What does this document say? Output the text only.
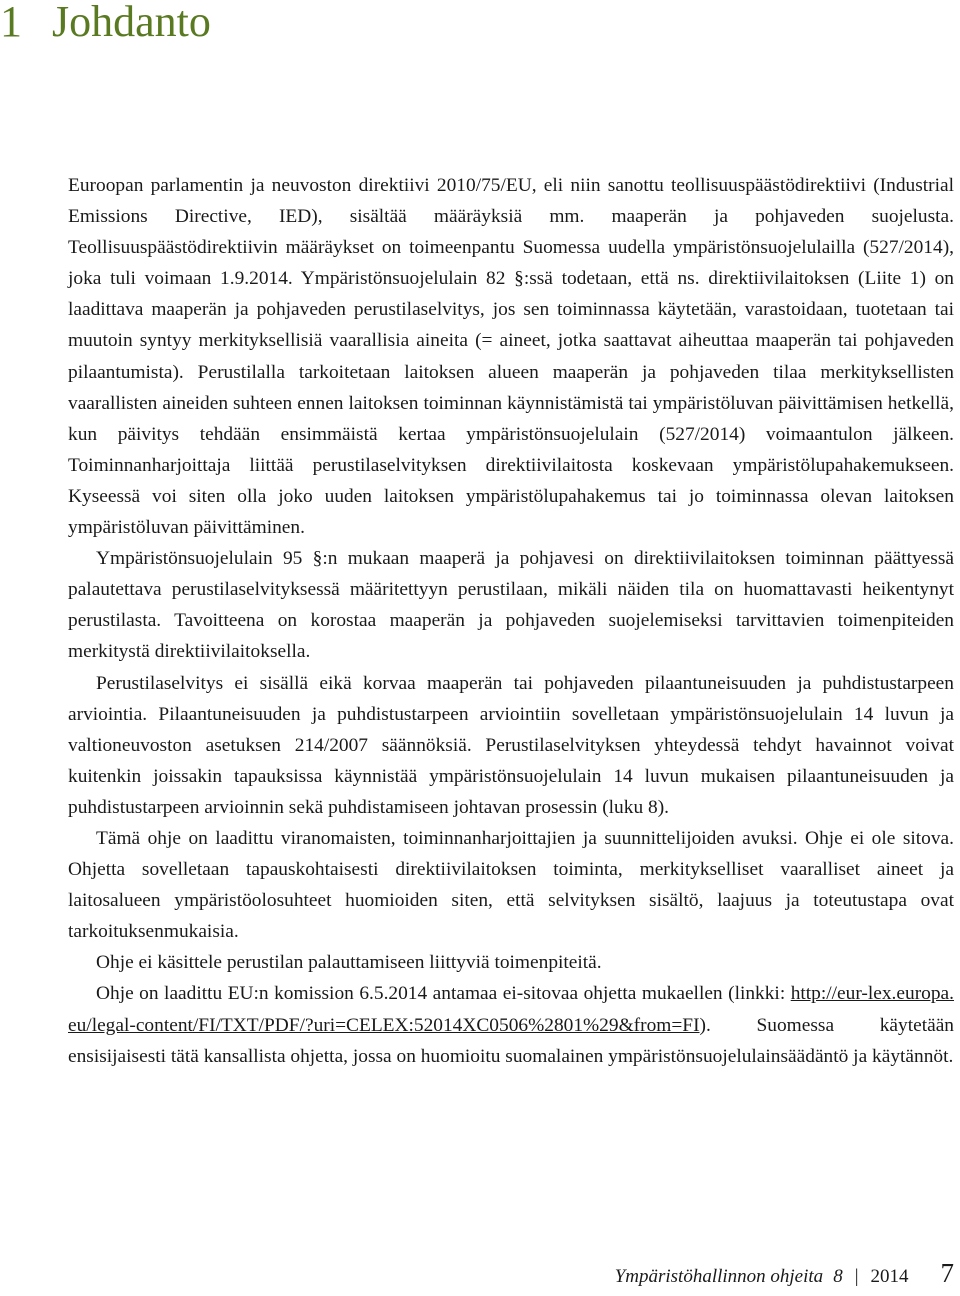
1 Johdanto

Euroopan parlamentin ja neuvoston direktiivi 2010/75/EU, eli niin sanottu teollisuuspäästödirektiivi (Industrial Emissions Directive, IED), sisältää määräyksiä mm. maaperän ja pohjaveden suojelusta. Teollisuuspäästödirektiivin määräykset on toimeenpantu Suomessa uudella ympäristönsuojelulailla (527/2014), joka tuli voimaan 1.9.2014. Ympäristönsuojelulain 82 §:ssä todetaan, että ns. direktiivilaitoksen (Liite 1) on laadittava maaperän ja pohjaveden perustilaselvitys, jos sen toiminnassa käytetään, varastoidaan, tuotetaan tai muutoin syntyy merkityksellisiä vaarallisia aineita (= aineet, jotka saattavat aiheuttaa maaperän tai pohjaveden pilaantumista). Perustilalla tarkoitetaan laitoksen alueen maaperän ja pohjaveden tilaa merkityksellisten vaarallisten aineiden suhteen ennen laitoksen toiminnan käynnistämistä tai ympäristöluvan päivittämisen hetkellä, kun päivitys tehdään ensimmäistä kertaa ympäristönsuojelulain (527/2014) voimaantulon jälkeen. Toiminnanharjoittaja liittää perustilaselvityksen direktiivilaitosta koskevaan ympäristölupahakemukseen. Kyseessä voi siten olla joko uuden laitoksen ympäristölupahakemus tai jo toiminnassa olevan laitoksen ympäristöluvan päivittäminen.

Ympäristönsuojelulain 95 §:n mukaan maaperä ja pohjavesi on direktiivilaitoksen toiminnan päättyessä palautettava perustilaselvityksessä määritettyyn perustilaan, mikäli näiden tila on huomattavasti heikentynyt perustilasta. Tavoitteena on korostaa maaperän ja pohjaveden suojelemiseksi tarvittavien toimenpiteiden merkitystä direktiivilaitoksella.

Perustilaselvitys ei sisällä eikä korvaa maaperän tai pohjaveden pilaantuneisuuden ja puhdistustarpeen arviointia. Pilaantuneisuuden ja puhdistustarpeen arviointiin sovelletaan ympäristönsuojelulain 14 luvun ja valtioneuvoston asetuksen 214/2007 säännöksiä. Perustilaselvityksen yhteydessä tehdyt havainnot voivat kuitenkin joissakin tapauksissa käynnistää ympäristönsuojelulain 14 luvun mukaisen pilaantuneisuuden ja puhdistustarpeen arvioinnin sekä puhdistamiseen johtavan prosessin (luku 8).

Tämä ohje on laadittu viranomaisten, toiminnanharjoittajien ja suunnittelijoiden avuksi. Ohje ei ole sitova. Ohjetta sovelletaan tapauskohtaisesti direktiivilaitoksen toiminta, merkitykselliset vaaralliset aineet ja laitosalueen ympäristöolosuhteet huomioiden siten, että selvityksen sisältö, laajuus ja toteutustapa ovat tarkoituksenmukaisia.

Ohje ei käsittele perustilan palauttamiseen liittyviä toimenpiteitä.

Ohje on laadittu EU:n komission 6.5.2014 antamaa ei-sitovaa ohjetta mukaellen (linkki: http://eur-lex.europa.eu/legal-content/FI/TXT/PDF/?uri=CELEX:52014XC0506%2801%29&from=FI). Suomessa käytetään ensisijaisesti tätä kansallista ohjetta, jossa on huomioitu suomalainen ympäristönsuojelulainsäädäntö ja käytännöt.

Ympäristöhallinnon ohjeita 8 | 2014 7
